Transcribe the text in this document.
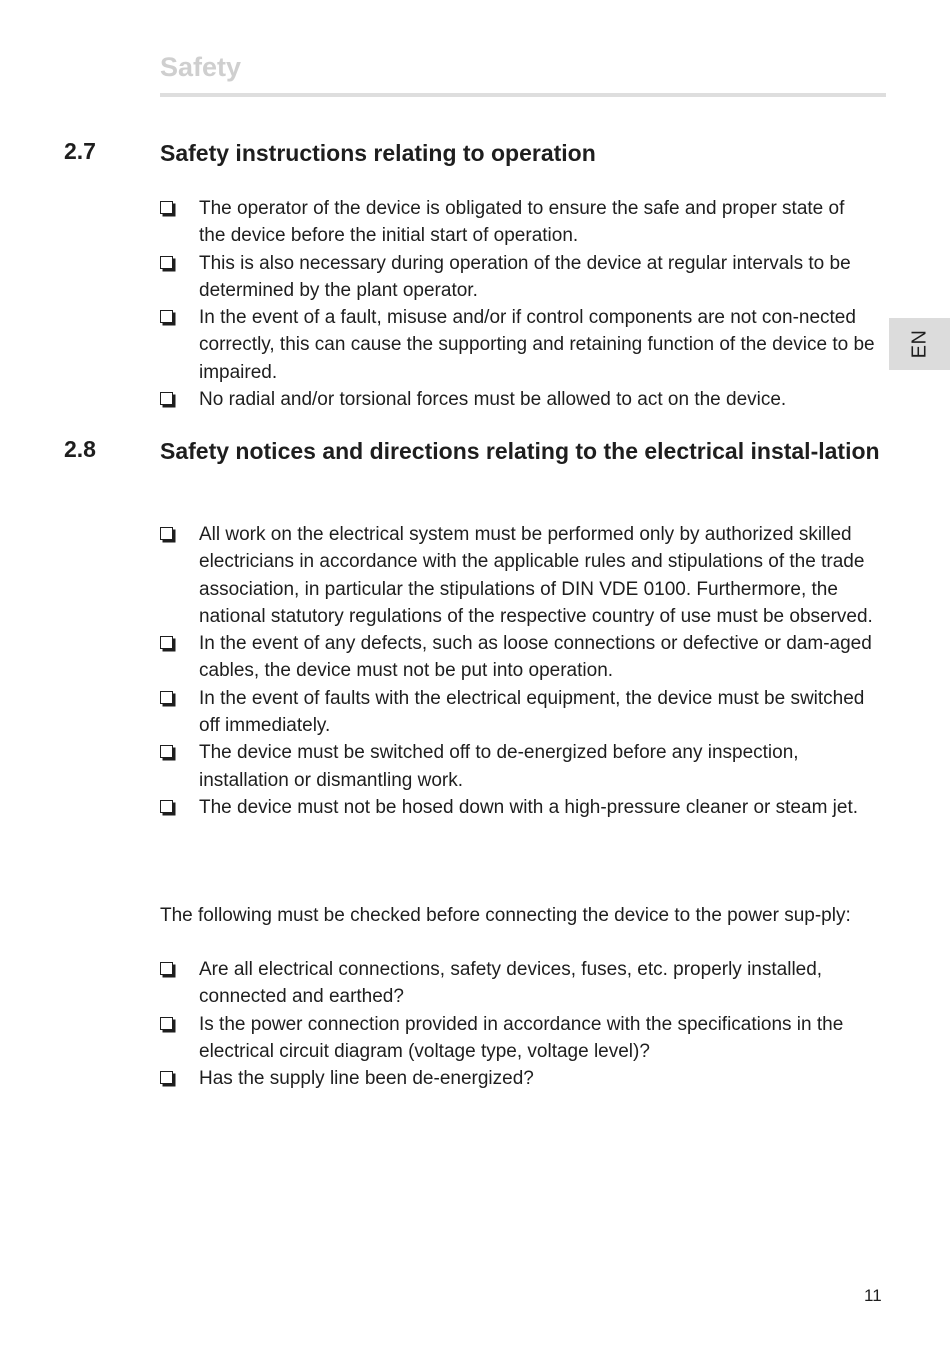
Safety
EN
2.7	Safety instructions relating to operation
The operator of the device is obligated to ensure the safe and proper state of the device before the initial start of operation.
This is also necessary during operation of the device at regular intervals to be determined by the plant operator.
In the event of a fault, misuse and/or if control components are not con-nected correctly, this can cause the supporting and retaining function of the device to be impaired.
No radial and/or torsional forces must be allowed to act on the device.
2.8	Safety notices and directions relating to the electrical instal-lation
All work on the electrical system must be performed only by authorized skilled electricians in accordance with the applicable rules and stipulations of the trade association, in particular the stipulations of DIN VDE 0100. Furthermore, the national statutory regulations of the respective country of use must be observed.
In the event of any defects, such as loose connections or defective or dam-aged cables, the device must not be put into operation.
In the event of faults with the electrical equipment, the device must be switched off immediately.
The device must be switched off to de-energized before any inspection, installation or dismantling work.
The device must not be hosed down with a high-pressure cleaner or steam jet.
The following must be checked before connecting the device to the power sup-ply:
Are all electrical connections, safety devices, fuses, etc. properly installed, connected and earthed?
Is the power connection provided in accordance with the specifications in the electrical circuit diagram (voltage type, voltage level)?
Has the supply line been de-energized?
11
